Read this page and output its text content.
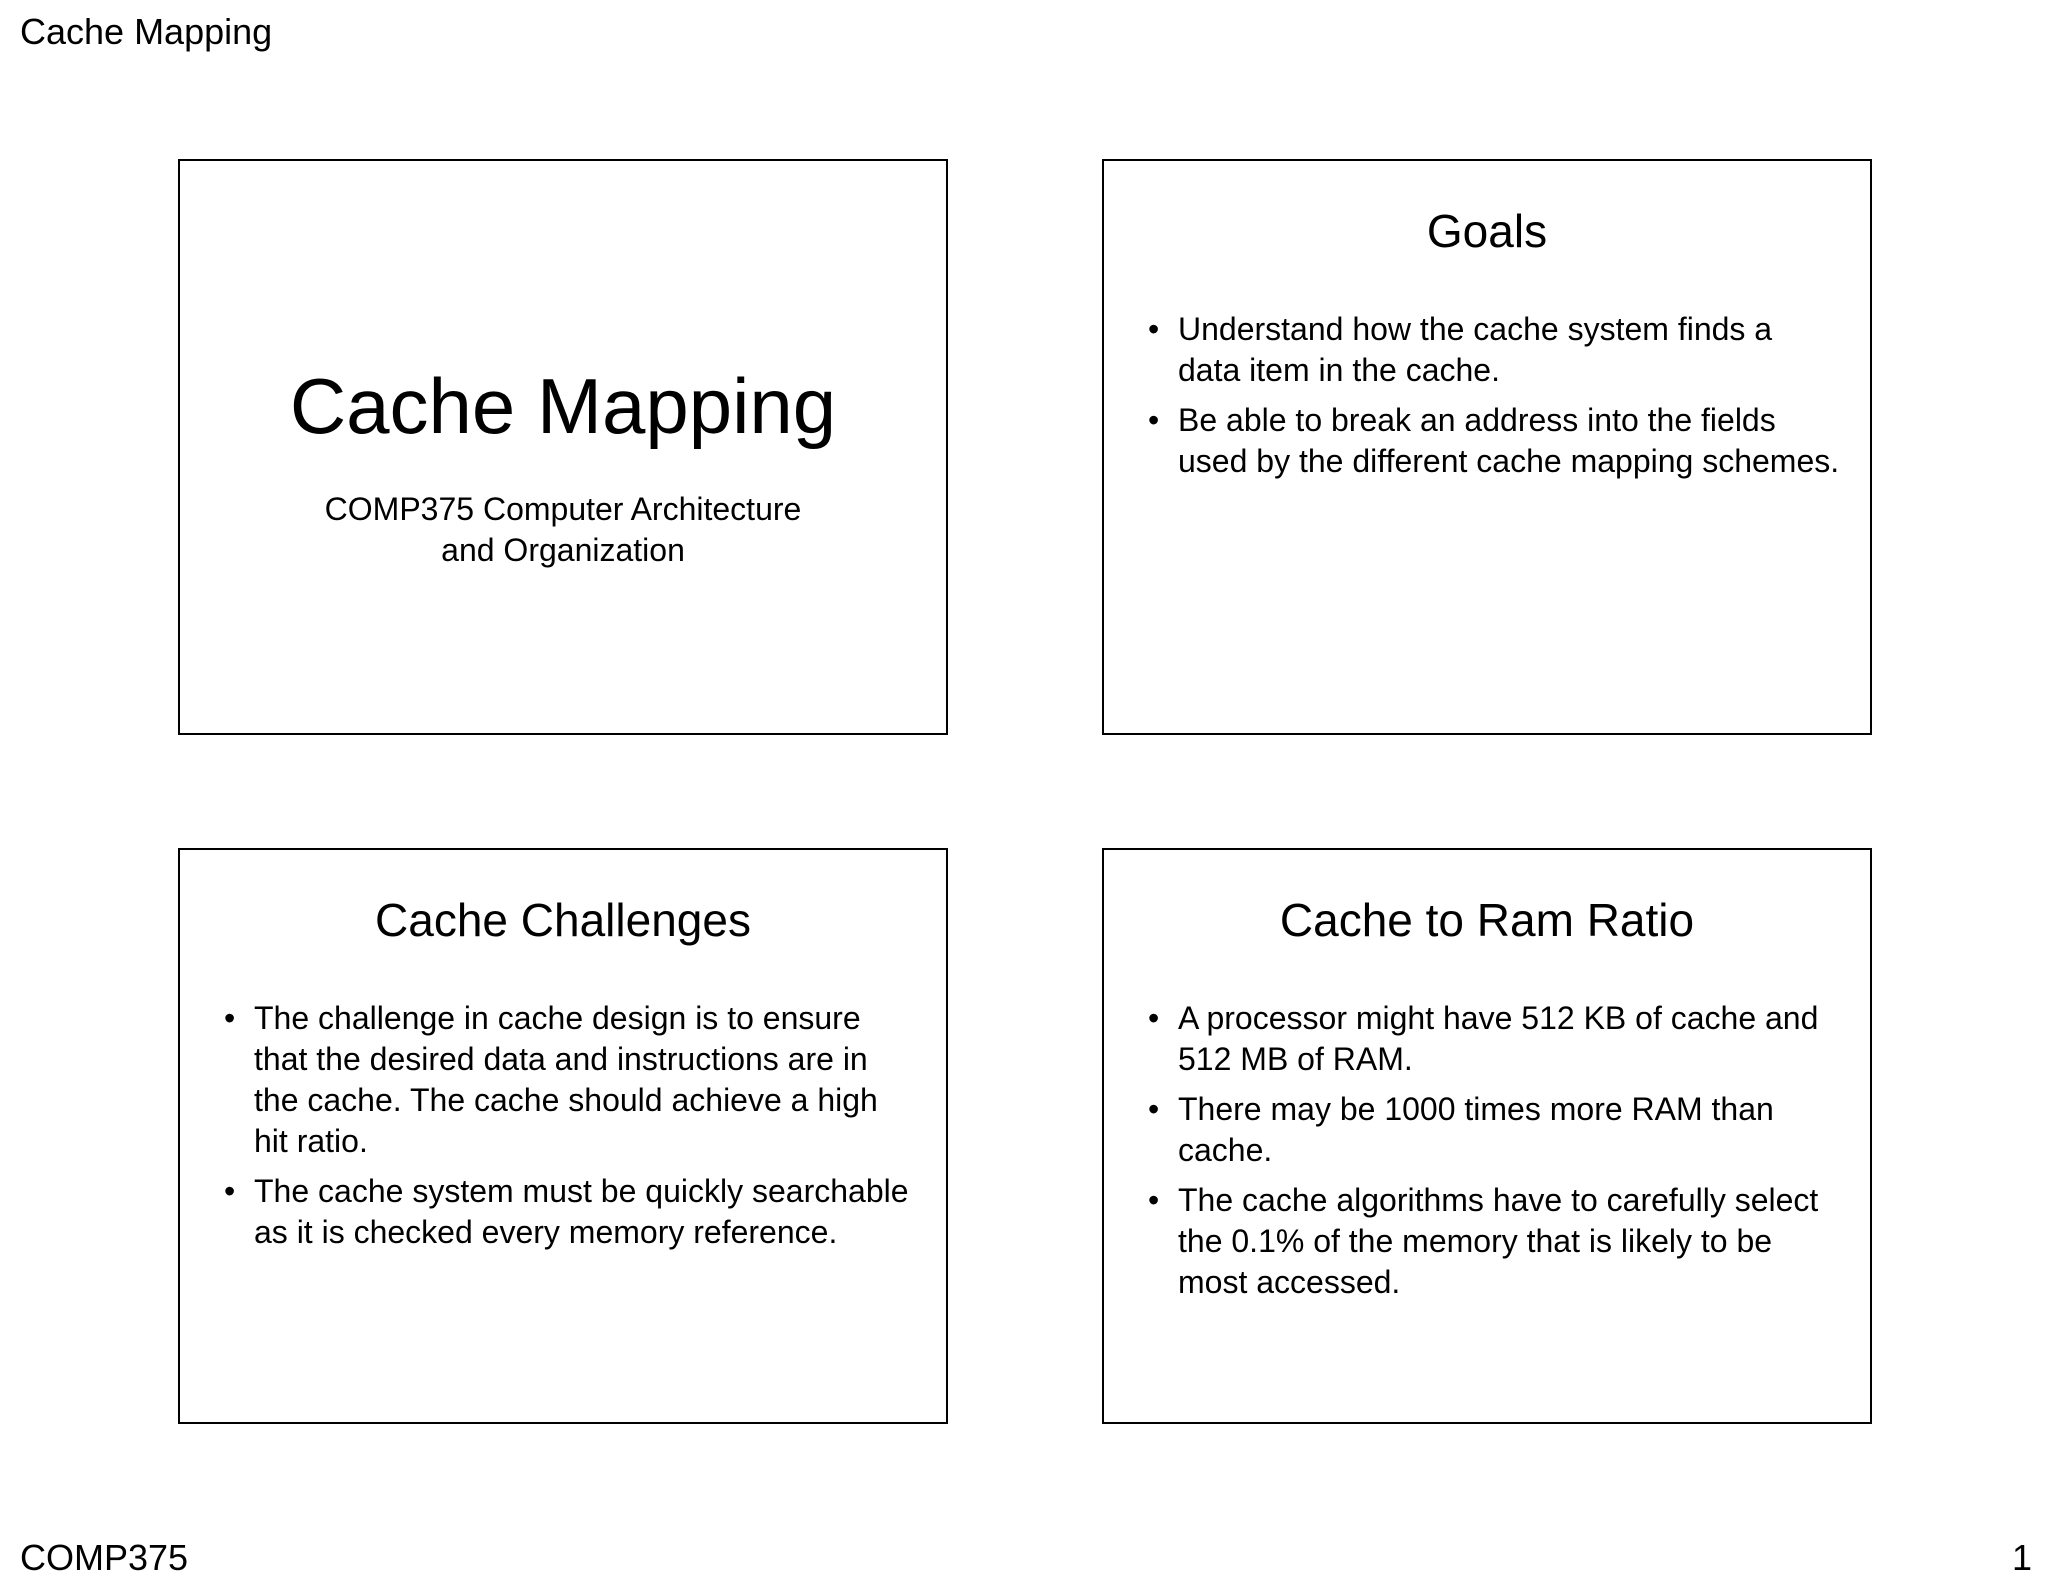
Cache Mapping
Cache Mapping
COMP375 Computer Architecture
and Organization
Goals
• Understand how the cache system finds a data item in the cache.
• Be able to break an address into the fields used by the different cache mapping schemes.
Cache Challenges
• The challenge in cache design is to ensure that the desired data and instructions are in the cache. The cache should achieve a high hit ratio.
• The cache system must be quickly searchable as it is checked every memory reference.
Cache to Ram Ratio
• A processor might have 512 KB of cache and 512 MB of RAM.
• There may be 1000 times more RAM than cache.
• The cache algorithms have to carefully select the 0.1% of the memory that is likely to be most accessed.
COMP375	1
